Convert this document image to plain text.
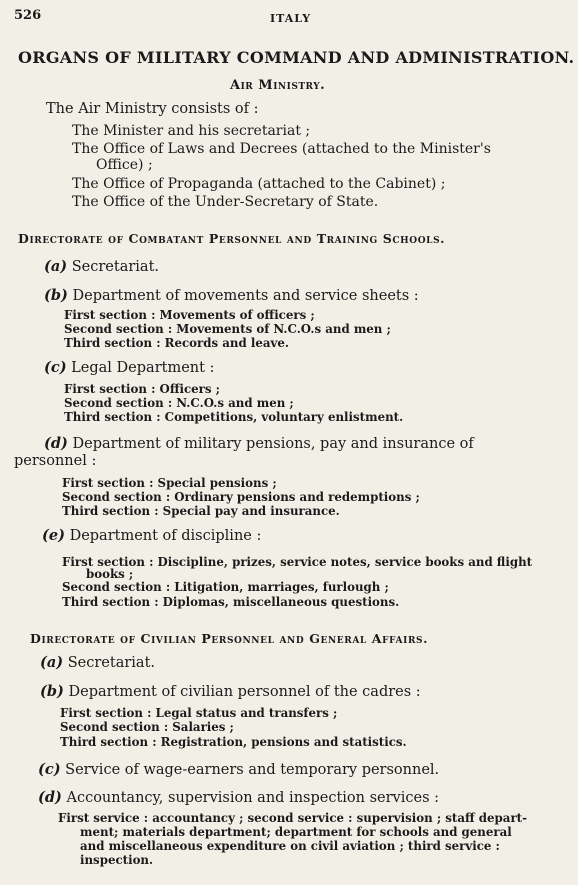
526	ITALY
ORGANS OF MILITARY COMMAND AND ADMINISTRATION.
Air Ministry.
The Air Ministry consists of :
The Minister and his secretariat ;
The Office of Laws and Decrees (attached to the Minister's
Office) ;
The Office of Propaganda (attached to the Cabinet) ;
The Office of the Under-Secretary of State.
Directorate of Combatant Personnel and Training Schools.
(a) Secretariat.
(b) Department of movements and service sheets :
First section : Movements of officers ;
Second section : Movements of N.C.O.s and men ;
Third section : Records and leave.
(c) Legal Department :
First section : Officers ;
Second section : N.C.O.s and men ;
Third section : Competitions, voluntary enlistment.
(d) Department of military pensions, pay and insurance of
personnel :
First section : Special pensions ;
Second section : Ordinary pensions and redemptions ;
Third section : Special pay and insurance.
(e) Department of discipline :
First section : Discipline, prizes, service notes, service books and flight
books ;
Second section : Litigation, marriages, furlough ;
Third section : Diplomas, miscellaneous questions.
Directorate of Civilian Personnel and General Affairs.
(a) Secretariat.
(b) Department of civilian personnel of the cadres :
First section : Legal status and transfers ;
Second section : Salaries ;
Third section : Registration, pensions and statistics.
(c) Service of wage-earners and temporary personnel.
(d) Accountancy, supervision and inspection services :
First service : accountancy ; second service : supervision ; staff depart-
ment; materials department; department for schools and general
and miscellaneous expenditure on civil aviation ; third service :
inspection.
